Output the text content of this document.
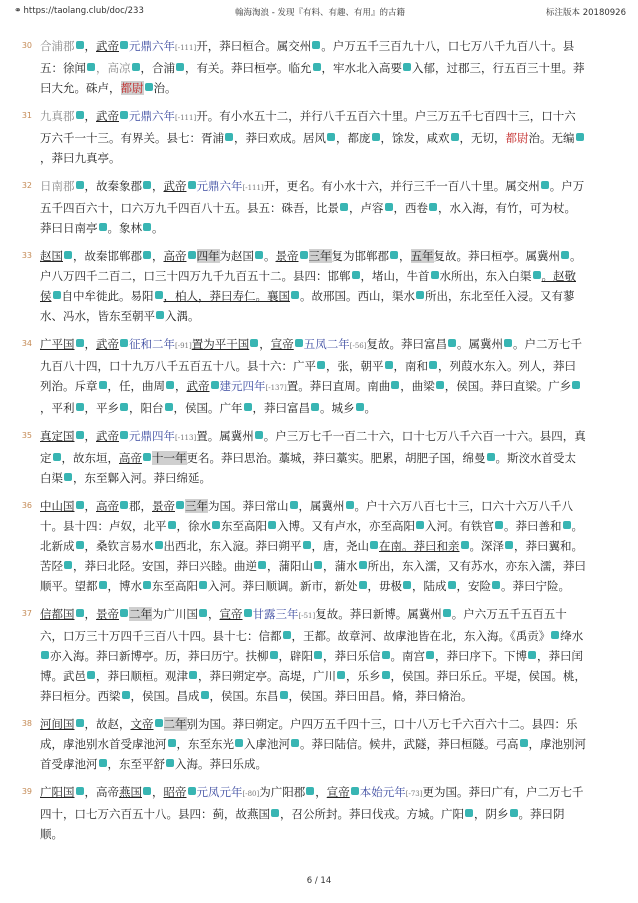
⚭ https://taolang.club/doc/233	翰海淘浪 - 发现『有料、有趣、有用』的古籍	标注版本 20180926
30 合浦郡 ，武帝 元鼎六年[-111]开，莽曰桓合。属交州 。户万五千三百九十八，口七万八千九百八十。县五：徐闻 ，高凉 ，合浦 ，有关。莽曰桓亭。临允 ，牢水北入高要 入郁，过郡三，行五百三十里。莽曰大允。硃卢，都尉 治。
31 九真郡 ，武帝 元鼎六年[-111]开。有小水五十二，并行八千五百六十里。户三万五千七百四十三，口十六万六千一十三。有界关。县七：胥浦 ，莽曰欢成。居风 ，都庞 ，馀发，咸欢 ，无切，都尉治。无编，莽曰九真亭。
32 日南郡 ，故秦象郡 ，武帝 元鼎六年[-111]开，更名。有小水十六，并行三千一百八十里。属交州 。户万五千四百六十，口六万九千四百八十五。县五：硃吾，比景 ，卢容 ，西卷 ，水入海，有竹，可为杖。莽曰日南亭 。象林 。
33 赵国 ，故秦邯郸郡 ，高帝 四年为赵国 。景帝 三年复为邯郸郡 ，五年复故。莽曰桓亭。属冀州 。户八万四千二百二，口三十四万九千九百五十二。县四：邯郸 ，堵山，牛首 水所出，东入白渠 。赵敬侯 自中牟徙此。易阳 ，柏人，莽曰寿仁。襄国 。故邢国。西山，渠水 所出，东北至任入浸。又有蓼水、冯水，皆东至朝平 入湡。
34 广平国 ，武帝 征和二年[-91]置为平干国 ，宣帝 五凤二年[-56]复故。莽曰富昌 。属冀州 。户二万七千九百八十四，口十九万八千五百五十八。县十六：广平 ，张，朝平 ，南和 ，列葭水东入。列人，莽曰列治。斥章 ，任，曲周 ，武帝 建元四年[-137]置。莽曰直周。南曲 ，曲梁 ，侯国。莽曰直梁。广乡，平利 ，平乡 ，阳台 ，侯国。广年 ，莽曰富昌 。城乡 。
35 真定国 ，武帝 元鼎四年[-113]置。属冀州 。户三万七千一百二十六，口十七万八千六百一十六。县四，真定 ，故东垣，高帝 十一年更名。莽曰思治。藁城，莽曰藁实。肥累，胡肥子国，绵曼 。斯洨水首受太白渠 ，东至鄡入河。莽曰绵延。
36 中山国 ，高帝 郡，景帝 三年为国。莽曰常山 ，属冀州 。户十六万八百七十三，口六十六万八千八十。县十四：卢奴，北平 ，徐水 东至高阳 入博。又有卢水，亦至高阳 入河。有铁官 。莽曰善和 。北新成 ，桑钦言易水 出西北，东入滱。莽曰朔平 ，唐，尧山 在南。莽曰和亲 。深泽 ，莽曰翼和。苦陉 ，莽曰北陉。安国，莽曰兴睦。曲逆 ，蒲阳山 ，蒲水 所出，东入濡，又有苏水，亦东入濡，莽曰顺平。望都 ，博水 东至高阳 入河。莽曰顺调。新市，新处 ，毋极 ，陆成 ，安险 。莽曰宁险。
37 信都国 ，景帝 二年为广川国 ，宣帝 甘露三年[-51]复故。莽曰新博。属冀州 。户六万五千五百五十六，口万三十万四千三百八十四。县十七：信都 ，王都。故章河、故虖池皆在北，东入海。《禹贡》 绛水亦入海。莽曰新博亭。历，莽曰历宁。扶柳 ，辟阳 ，莽曰乐信 。南宫 ，莽曰序下。下博 ，莽曰闰博。武邑 ，莽曰顺桓。观津 ，莽曰朔定亭。高堤，广川 ，乐乡 ，侯国。莽曰乐丘。平堤，侯国。桃，莽曰桓分。西梁 ，侯国。昌成 ，侯国。东昌 ，侯国。莽曰田昌。脩，莽曰脩治。
38 河间国 ，故赵，文帝 二年别为国。莽曰朔定。户四万五千四十三，口十八万七千六百六十二。县四：乐成，虖池别水首受虖池河 ，东至东光 入虖池河 。莽曰陆信。候井，武隧，莽曰桓隧。弓高 ，虖池别河首受虖池河 ，东至平舒 入海。莽曰乐成。
39 广阳国 ，高帝燕国 ，昭帝 元凤元年[-80]为广阳郡 ，宣帝 本始元年[-73]更为国。莽曰广有，户二万七千四十，口七万六百五十八。县四：蓟，故燕国 ，召公所封。莽曰伐戎。方城。广阳 ，阴乡 。莽曰阴顺。
6 / 14
